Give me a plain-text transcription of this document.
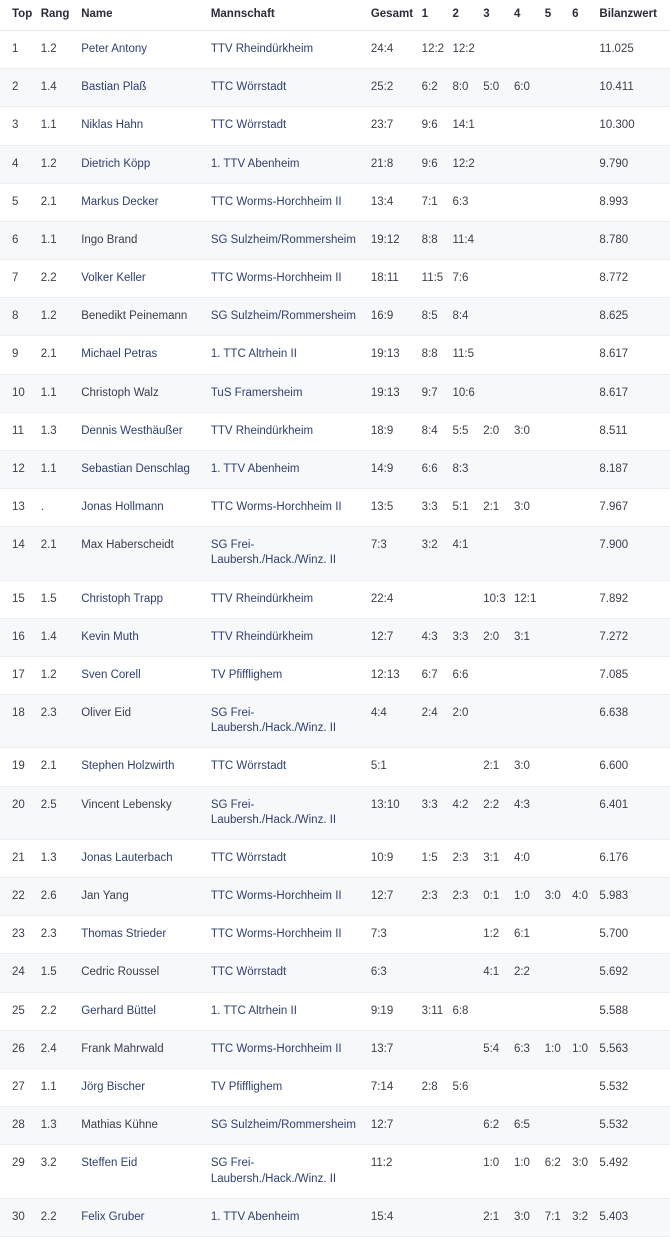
Top	Rang	Name	Mannschaft	Gesamt	1	2	3	4	5	6	Bilanzwert
1	1.2	Peter Antony	TTV Rheindürkheim	24:4	12:2	12:2					11.025
2	1.4	Bastian Plaß	TTC Wörrstadt	25:2	6:2	8:0	5:0	6:0			10.411
3	1.1	Niklas Hahn	TTC Wörrstadt	23:7	9:6	14:1					10.300
4	1.2	Dietrich Köpp	1. TTV Abenheim	21:8	9:6	12:2					9.790
5	2.1	Markus Decker	TTC Worms-Horchheim II	13:4	7:1	6:3					8.993
6	1.1	Ingo Brand	SG Sulzheim/Rommersheim	19:12	8:8	11:4					8.780
7	2.2	Volker Keller	TTC Worms-Horchheim II	18:11	11:5	7:6					8.772
8	1.2	Benedikt Peinemann	SG Sulzheim/Rommersheim	16:9	8:5	8:4					8.625
9	2.1	Michael Petras	1. TTC Altrhein II	19:13	8:8	11:5					8.617
10	1.1	Christoph Walz	TuS Framersheim	19:13	9:7	10:6					8.617
11	1.3	Dennis Westhäußer	TTV Rheindürkheim	18:9	8:4	5:5	2:0	3:0			8.511
12	1.1	Sebastian Denschlag	1. TTV Abenheim	14:9	6:6	8:3					8.187
13	.	Jonas Hollmann	TTC Worms-Horchheim II	13:5	3:3	5:1	2:1	3:0			7.967
14	2.1	Max Haberscheidt	SG Frei-Laubersh./Hack./Winz. II	7:3	3:2	4:1					7.900
15	1.5	Christoph Trapp	TTV Rheindürkheim	22:4			10:3	12:1			7.892
16	1.4	Kevin Muth	TTV Rheindürkheim	12:7	4:3	3:3	2:0	3:1			7.272
17	1.2	Sven Corell	TV Pfifflighem	12:13	6:7	6:6					7.085
18	2.3	Oliver Eid	SG Frei-Laubersh./Hack./Winz. II	4:4	2:4	2:0					6.638
19	2.1	Stephen Holzwirth	TTC Wörrstadt	5:1			2:1	3:0			6.600
20	2.5	Vincent Lebensky	SG Frei-Laubersh./Hack./Winz. II	13:10	3:3	4:2	2:2	4:3			6.401
21	1.3	Jonas Lauterbach	TTC Wörrstadt	10:9	1:5	2:3	3:1	4:0			6.176
22	2.6	Jan Yang	TTC Worms-Horchheim II	12:7	2:3	2:3	0:1	1:0	3:0	4:0	5.983
23	2.3	Thomas Strieder	TTC Worms-Horchheim II	7:3			1:2	6:1			5.700
24	1.5	Cedric Roussel	TTC Wörrstadt	6:3			4:1	2:2			5.692
25	2.2	Gerhard Büttel	1. TTC Altrhein II	9:19	3:11	6:8					5.588
26	2.4	Frank Mahrwald	TTC Worms-Horchheim II	13:7			5:4	6:3	1:0	1:0	5.563
27	1.1	Jörg Bischer	TV Pfifflighem	7:14	2:8	5:6					5.532
28	1.3	Mathias Kühne	SG Sulzheim/Rommersheim	12:7			6:2	6:5			5.532
29	3.2	Steffen Eid	SG Frei-Laubersh./Hack./Winz. II	11:2			1:0	1:0	6:2	3:0	5.492
30	2.2	Felix Gruber	1. TTV Abenheim	15:4			2:1	3:0	7:1	3:2	5.403
